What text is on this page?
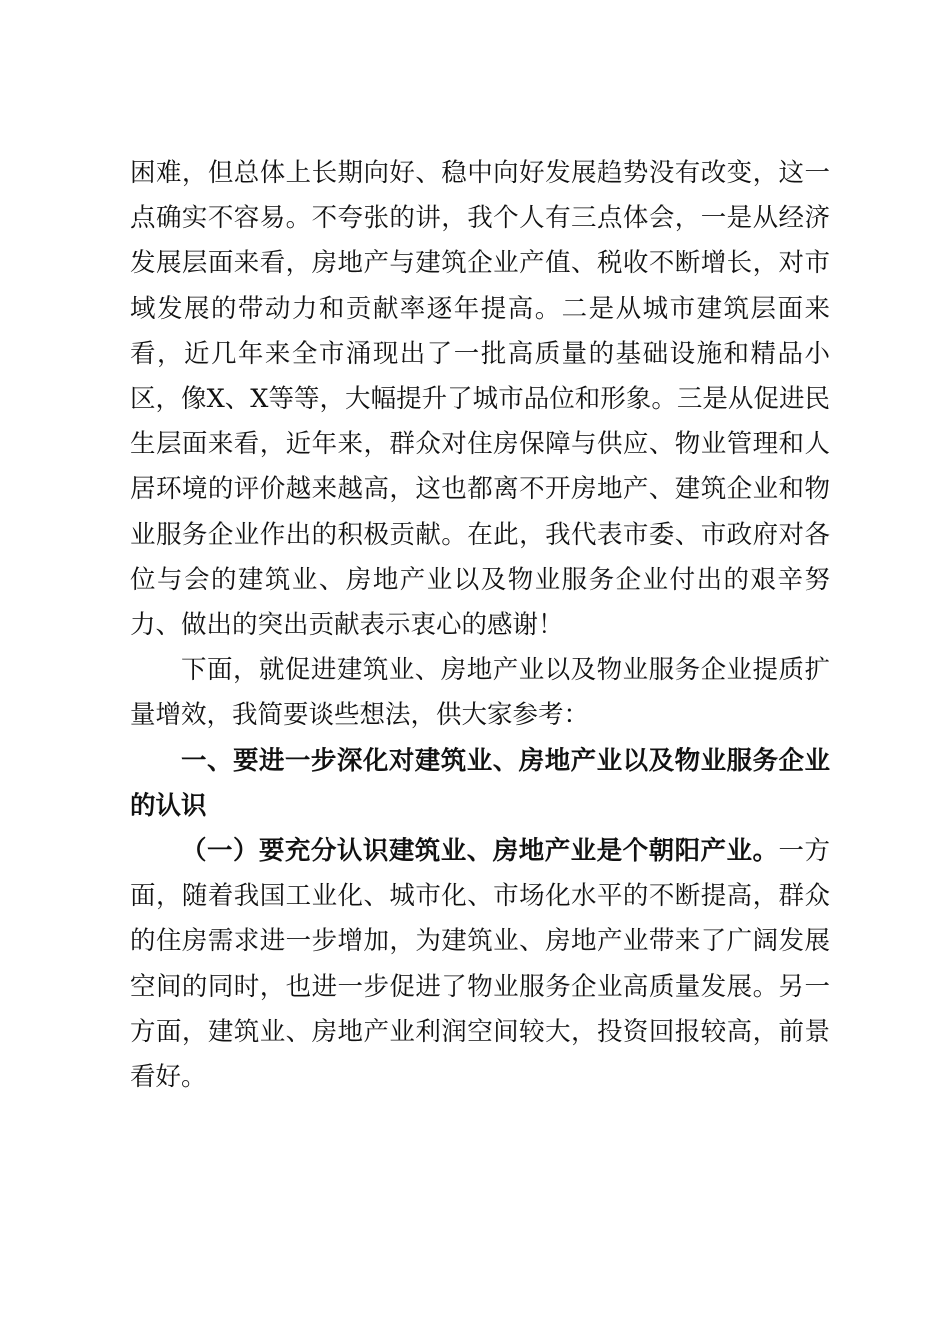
困难，但总体上长期向好、稳中向好发展趋势没有改变，这一点确实不容易。不夸张的讲，我个人有三点体会，一是从经济发展层面来看，房地产与建筑企业产值、税收不断增长，对市域发展的带动力和贡献率逐年提高。二是从城市建筑层面来看，近几年来全市涌现出了一批高质量的基础设施和精品小区，像X、X等等，大幅提升了城市品位和形象。三是从促进民生层面来看，近年来，群众对住房保障与供应、物业管理和人居环境的评价越来越高，这也都离不开房地产、建筑企业和物业服务企业作出的积极贡献。在此，我代表市委、市政府对各位与会的建筑业、房地产业以及物业服务企业付出的艰辛努力、做出的突出贡献表示衷心的感谢！

下面，就促进建筑业、房地产业以及物业服务企业提质扩量增效，我简要谈些想法，供大家参考：

一、要进一步深化对建筑业、房地产业以及物业服务企业的认识

（一）要充分认识建筑业、房地产业是个朝阳产业。一方面，随着我国工业化、城市化、市场化水平的不断提高，群众的住房需求进一步增加，为建筑业、房地产业带来了广阔发展空间的同时，也进一步促进了物业服务企业高质量发展。另一方面，建筑业、房地产业利润空间较大，投资回报较高，前景看好。
